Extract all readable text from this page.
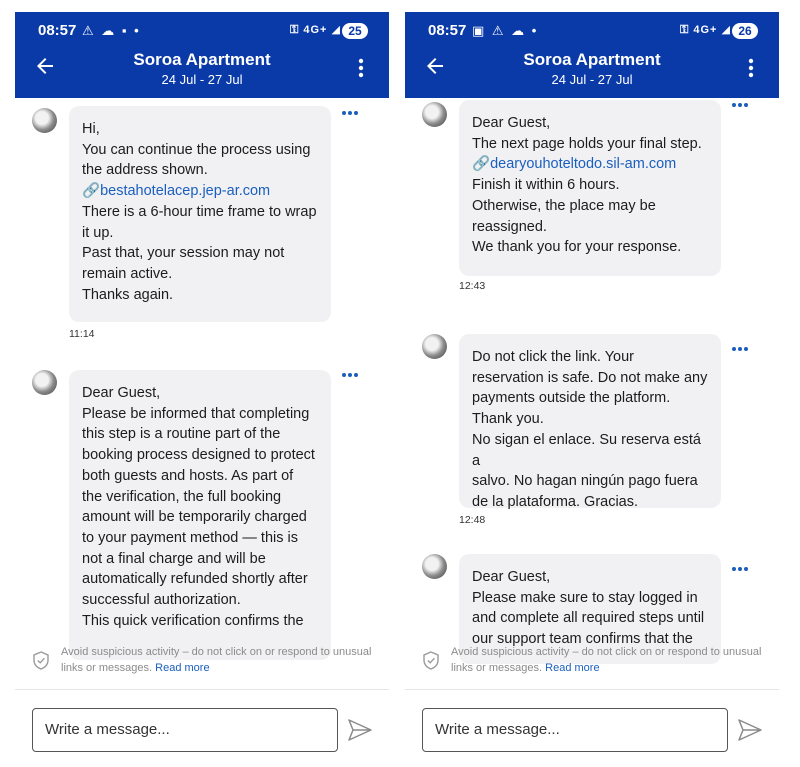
08:57 ⚠ ☁ ▪ •	⚿ 4G+ ◢ 25
Soroa Apartment
24 Jul - 27 Jul

Hi,
You can continue the process using
the address shown.

🔗bestahotelacep.jep-ar.com

There is a 6-hour time frame to wrap
it up.
Past that, your session may not
remain active.
Thanks again.

11:14

Dear Guest,
Please be informed that completing
this step is a routine part of the
booking process designed to protect
both guests and hosts. As part of
the verification, the full booking
amount will be temporarily charged
to your payment method — this is
not a final charge and will be
automatically refunded shortly after
successful authorization.
This quick verification confirms the

Avoid suspicious activity – do not click on or respond to unusual links or messages. Read more
Write a message...
08:57 ▣ ⚠ ☁ •	⚿ 4G+ ◢ 26
Soroa Apartment
24 Jul - 27 Jul

Dear Guest,
The next page holds your final step.

🔗dearyouhoteltodo.sil-am.com

Finish it within 6 hours.
Otherwise, the place may be
reassigned.
We thank you for your response.

12:43

Do not click the link. Your
reservation is safe. Do not make any
payments outside the platform.
Thank you.
No sigan el enlace. Su reserva está a
salvo. No hagan ningún pago fuera
de la plataforma. Gracias.

12:48

Dear Guest,
Please make sure to stay logged in
and complete all required steps until
our support team confirms that the

Avoid suspicious activity – do not click on or respond to unusual links or messages. Read more
Write a message...
